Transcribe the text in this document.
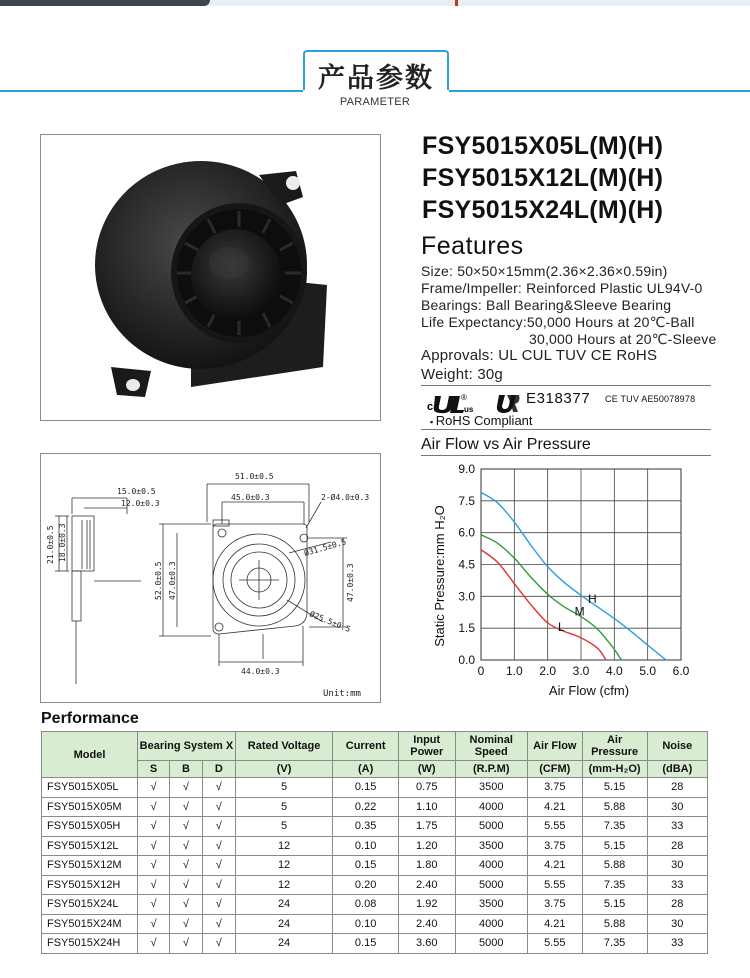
产品参数
PARAMETER
FSY5015X05L(M)(H)
FSY5015X12L(M)(H)
FSY5015X24L(M)(H)
Features
Size: 50×50×15mm(2.36×2.36×0.59in)
Frame/Impeller: Reinforced Plastic UL94V-0
Bearings: Ball Bearing&Sleeve Bearing
Life Expectancy:50,000 Hours at 20℃-Ball
30,000 Hours at 20℃-Sleeve
Approvals: UL CUL TUV CE RoHS
Weight: 30g
c	us
®	E318377 CE TUV AE50078978
▪ RoHS Compliant
51.0±0.5
45.0±0.3	2-Ø4.0±0.3
15.0±0.5
12.0±0.3
21.0±0.5 18.0±0.3
52.0±0.5 47.0±0.3	47.0±0.3
Ø31.5±0.5
Ø25.5±0.5
44.0±0.3
Unit:mm
Air Flow vs Air Pressure
0 1.0 2.0 3.0 4.0 5.0 6.0
0.0
1.5
3.0
4.5
6.0
7.5
9.0
H
M
L
Air Flow (cfm)
Static Pressure:mm H₂O
Performance
Model	Bearing System X			Rated Voltage	Current	Input Power	Nominal Speed	Air Flow	Air Pressure	Noise
	S	B	D	(V)	(A)	(W)	(R.P.M)	(CFM)	(mm-H₂O)	(dBA)
FSY5015X05L	√	√	√	5	0.15	0.75	3500	3.75	5.15	28
FSY5015X05M	√	√	√	5	0.22	1.10	4000	4.21	5.88	30
FSY5015X05H	√	√	√	5	0.35	1.75	5000	5.55	7.35	33
FSY5015X12L	√	√	√	12	0.10	1.20	3500	3.75	5.15	28
FSY5015X12M	√	√	√	12	0.15	1.80	4000	4.21	5.88	30
FSY5015X12H	√	√	√	12	0.20	2.40	5000	5.55	7.35	33
FSY5015X24L	√	√	√	24	0.08	1.92	3500	3.75	5.15	28
FSY5015X24M	√	√	√	24	0.10	2.40	4000	4.21	5.88	30
FSY5015X24H	√	√	√	24	0.15	3.60	5000	5.55	7.35	33
